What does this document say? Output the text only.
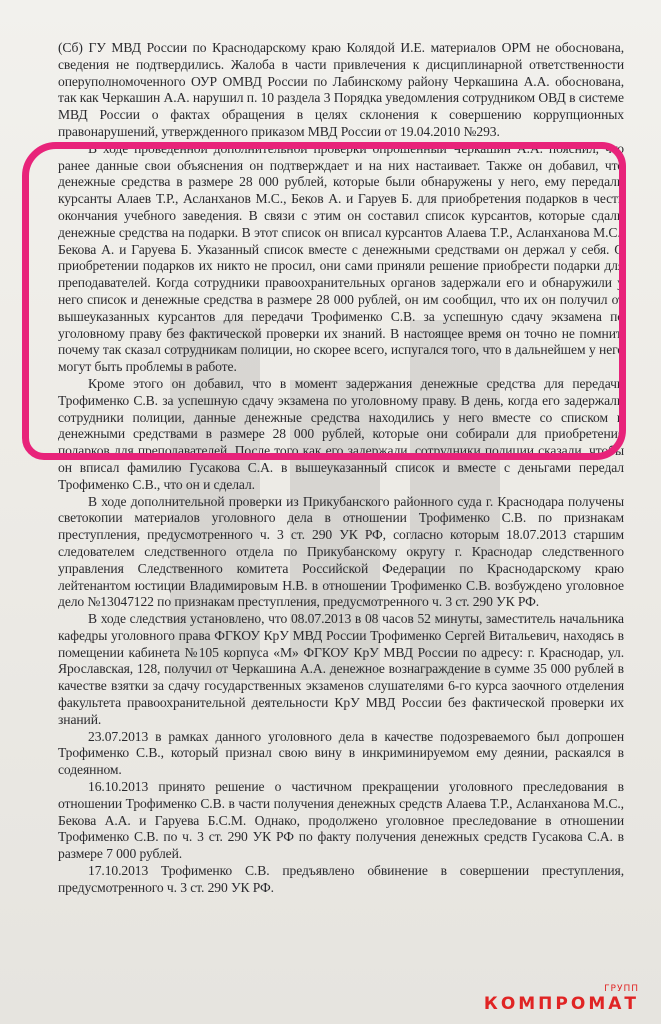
(Сб) ГУ МВД России по Краснодарскому краю Колядой И.Е. материалов ОРМ не обоснована, сведения не подтвердились. Жалоба в части привлечения к дисциплинарной ответственности оперуполномоченного ОУР ОМВД России по Лабинскому району Черкашина А.А. обоснована, так как Черкашин А.А. нарушил п. 10 раздела 3 Порядка уведомления сотрудником ОВД в системе МВД России о фактах обращения в целях склонения к совершению коррупционных правонарушений, утвержденного приказом МВД России от 19.04.2010 №293.

В ходе проведенной дополнительной проверки опрошенный Черкашин А.А. пояснил, что ранее данные свои объяснения он подтверждает и на них настаивает. Также он добавил, что денежные средства в размере 28 000 рублей, которые были обнаружены у него, ему передали курсанты Алаев Т.Р., Асланханов М.С., Беков А. и Гаруев Б. для приобретения подарков в честь окончания учебного заведения. В связи с этим он составил список курсантов, которые сдали денежные средства на подарки. В этот список он вписал курсантов Алаева Т.Р., Асланханова М.С., Бекова А. и Гаруева Б. Указанный список вместе с денежными средствами он держал у себя. О приобретении подарков их никто не просил, они сами приняли решение приобрести подарки для преподавателей. Когда сотрудники правоохранительных органов задержали его и обнаружили у него список и денежные средства в размере 28 000 рублей, он им сообщил, что их он получил от вышеуказанных курсантов для передачи Трофименко С.В. за успешную сдачу экзамена по уголовному праву без фактической проверки их знаний. В настоящее время он точно не помнит, почему так сказал сотрудникам полиции, но скорее всего, испугался того, что в дальнейшем у него могут быть проблемы в работе.

Кроме этого он добавил, что в момент задержания денежные средства для передачи Трофименко С.В. за успешную сдачу экзамена по уголовному праву. В день, когда его задержали сотрудники полиции, данные денежные средства находились у него вместе со списком и денежными средствами в размере 28 000 рублей, которые они собирали для приобретения подарков для преподавателей. После того как его задержали, сотрудники полиции сказали, чтобы он вписал фамилию Гусакова С.А. в вышеуказанный список и вместе с деньгами передал Трофименко С.В., что он и сделал.

В ходе дополнительной проверки из Прикубанского районного суда г. Краснодара получены светокопии материалов уголовного дела в отношении Трофименко С.В. по признакам преступления, предусмотренного ч. 3 ст. 290 УК РФ, согласно которым 18.07.2013 старшим следователем следственного отдела по Прикубанскому округу г. Краснодар следственного управления Следственного комитета Российской Федерации по Краснодарскому краю лейтенантом юстиции Владимировым Н.В. в отношении Трофименко С.В. возбуждено уголовное дело №13047122 по признакам преступления, предусмотренного ч. 3 ст. 290 УК РФ.

В ходе следствия установлено, что 08.07.2013 в 08 часов 52 минуты, заместитель начальника кафедры уголовного права ФГКОУ КрУ МВД России Трофименко Сергей Витальевич, находясь в помещении кабинета №105 корпуса «М» ФГКОУ КрУ МВД России по адресу: г. Краснодар, ул. Ярославская, 128, получил от Черкашина А.А. денежное вознаграждение в сумме 35 000 рублей в качестве взятки за сдачу государственных экзаменов слушателями 6-го курса заочного отделения факультета правоохранительной деятельности КрУ МВД России без фактической проверки их знаний.

23.07.2013 в рамках данного уголовного дела в качестве подозреваемого был допрошен Трофименко С.В., который признал свою вину в инкриминируемом ему деянии, раскаялся в содеянном.

16.10.2013 принято решение о частичном прекращении уголовного преследования в отношении Трофименко С.В. в части получения денежных средств Алаева Т.Р., Асланханова М.С., Бекова А.А. и Гаруева Б.С.М. Однако, продолжено уголовное преследование в отношении Трофименко С.В. по ч. 3 ст. 290 УК РФ по факту получения денежных средств Гусакова С.А. в размере 7 000 рублей.

17.10.2013 Трофименко С.В. предъявлено обвинение в совершении преступления, предусмотренного ч. 3 ст. 290 УК РФ.

ГРУПП
КОМПРОМАТ
